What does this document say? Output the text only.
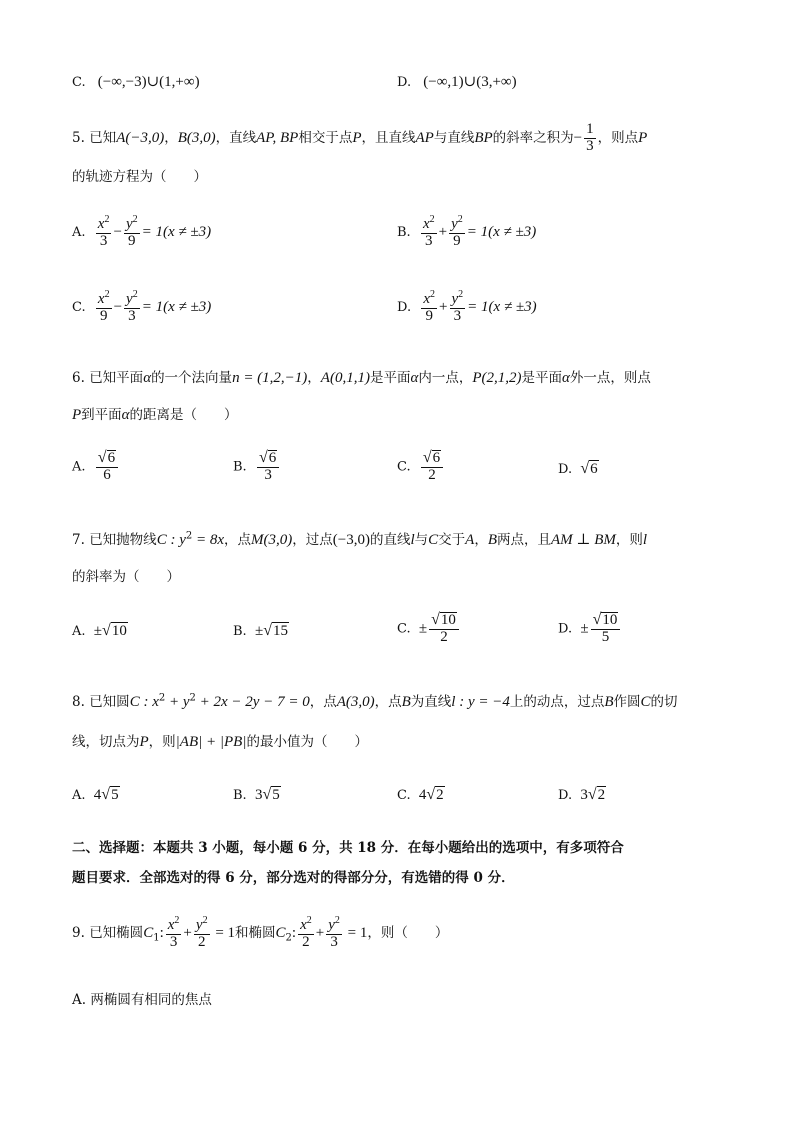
C. (−∞,−3)∪(1,+∞)	D. (−∞,1)∪(3,+∞)
5. 已知A(−3,0)，B(3,0)，直线AP, BP相交于点P，且直线AP与直线BP的斜率之积为− $\frac{1}{3}$ ，则点P
的轨迹方程为（　　）
A. $\frac{x^2}{3} - \frac{y^2}{9} = 1(x \ne \pm 3)$	B. $\frac{x^2}{3} + \frac{y^2}{9} = 1(x \ne \pm 3)$
C. $\frac{x^2}{9} - \frac{y^2}{3} = 1(x \ne \pm 3)$	D. $\frac{x^2}{9} + \frac{y^2}{3} = 1(x \ne \pm 3)$
6. 已知平面α的一个法向量n = (1,2,−1)，A(0,1,1)是平面α内一点，P(2,1,2)是平面α外一点，则点
P到平面α的距离是（　　）
A. $\frac{√ 6}{6}$	B. $\frac{√ 6}{3}$	C. $\frac{√ 6}{2}$	D. √ 6
7. 已知抛物线C : $y^2 = 8x$，点M(3,0)，过点(−3,0)的直线l与C交于A，B两点，且AM ⊥ BM，则l
的斜率为（　　）
A. ± √ 10	B. ± √ 15	C. ± $\frac{√ 10}{2}$	D. ± $\frac{√ 10}{5}$
8. 已知圆C : $x^2 + y^2 + 2x - 2y - 7 = 0$，点A(3,0)，点B为直线l : y = −4上的动点，过点B作圆C的切
线，切点为P，则|AB| + |PB|的最小值为（　　）
A. 4 √ 5	B. 3 √ 5	C. 4 √ 2	D. 3 √ 2
二、选择题：本题共 3 小题，每小题 6 分，共 18 分．在每小题给出的选项中，有多项符合
题目要求．全部选对的得 6 分，部分选对的得部分分，有选错的得 0 分．
9. 已知椭圆$C_1$: $\frac{x^2}{3} + \frac{y^2}{2} = 1$和椭圆$C_2$: $\frac{x^2}{2} + \frac{y^2}{3} = 1$，则（　　）
A. 两椭圆有相同的焦点
